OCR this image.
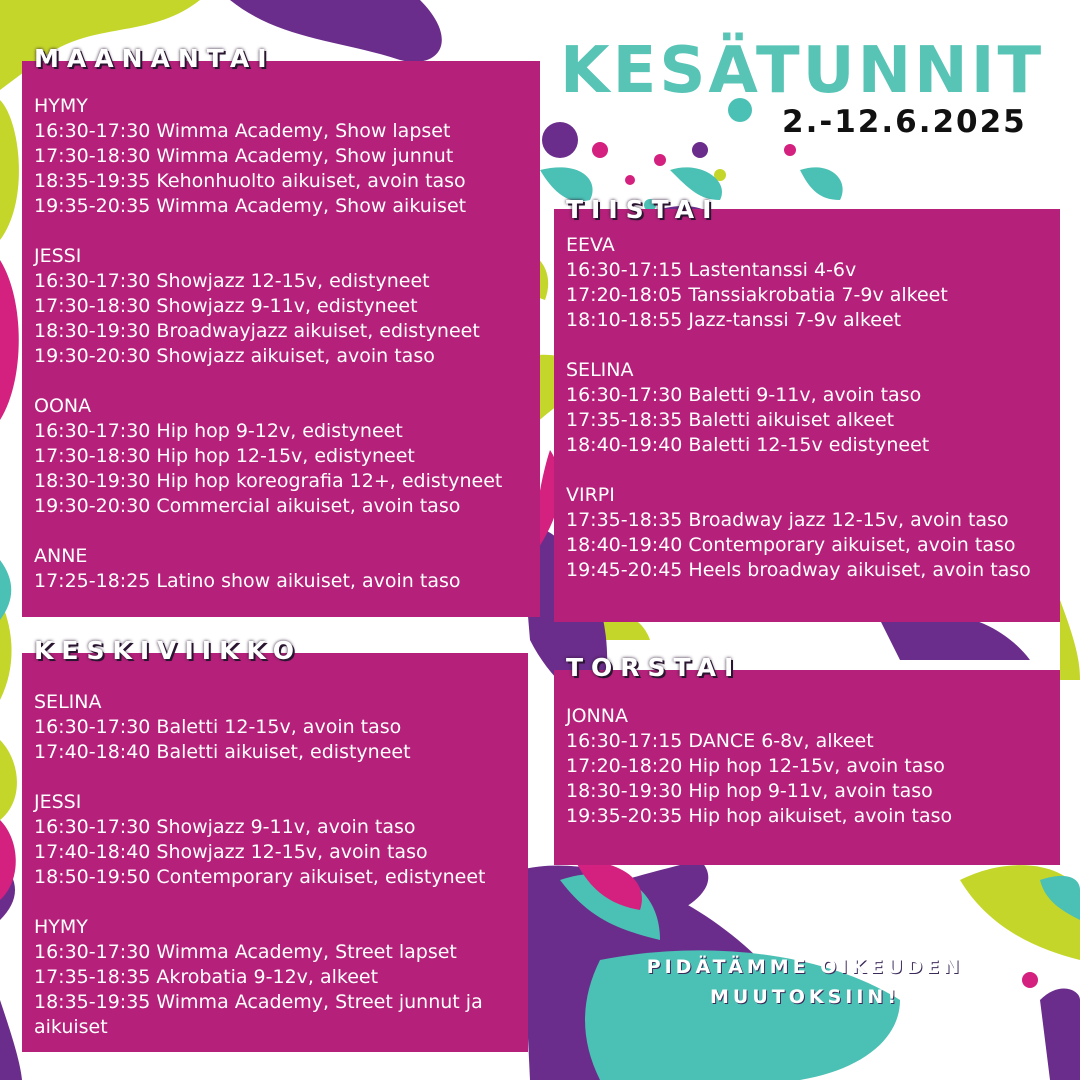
KESÄTUNNIT
2.-12.6.2025
HYMY
16:30-17:30 Wimma Academy, Show lapset
17:30-18:30 Wimma Academy, Show junnut
18:35-19:35 Kehonhuolto aikuiset, avoin taso
19:35-20:35 Wimma Academy, Show aikuiset
JESSI
16:30-17:30 Showjazz 12-15v, edistyneet
17:30-18:30 Showjazz 9-11v, edistyneet
18:30-19:30 Broadwayjazz aikuiset, edistyneet
19:30-20:30 Showjazz aikuiset, avoin taso
OONA
16:30-17:30 Hip hop 9-12v, edistyneet
17:30-18:30 Hip hop 12-15v, edistyneet
18:30-19:30 Hip hop koreografia 12+, edistyneet
19:30-20:30 Commercial aikuiset, avoin taso
ANNE
17:25-18:25 Latino show aikuiset, avoin taso
MAANANTAI
EEVA
16:30-17:15 Lastentanssi 4-6v
17:20-18:05 Tanssiakrobatia 7-9v alkeet
18:10-18:55 Jazz-tanssi 7-9v alkeet
SELINA
16:30-17:30 Baletti 9-11v, avoin taso
17:35-18:35 Baletti aikuiset alkeet
18:40-19:40 Baletti 12-15v edistyneet
VIRPI
17:35-18:35 Broadway jazz 12-15v, avoin taso
18:40-19:40 Contemporary aikuiset, avoin taso
19:45-20:45 Heels broadway aikuiset, avoin taso
TIISTAI
SELINA
16:30-17:30 Baletti 12-15v, avoin taso
17:40-18:40 Baletti aikuiset, edistyneet
JESSI
16:30-17:30 Showjazz 9-11v, avoin taso
17:40-18:40 Showjazz 12-15v, avoin taso
18:50-19:50 Contemporary aikuiset, edistyneet
HYMY
16:30-17:30 Wimma Academy, Street lapset
17:35-18:35 Akrobatia 9-12v, alkeet
18:35-19:35 Wimma Academy, Street junnut ja aikuiset
KESKIVIIKKO
JONNA
16:30-17:15 DANCE 6-8v, alkeet
17:20-18:20 Hip hop 12-15v, avoin taso
18:30-19:30 Hip hop 9-11v, avoin taso
19:35-20:35 Hip hop aikuiset, avoin taso
TORSTAI
PIDÄTÄMME OIKEUDEN
MUUTOKSIIN!
